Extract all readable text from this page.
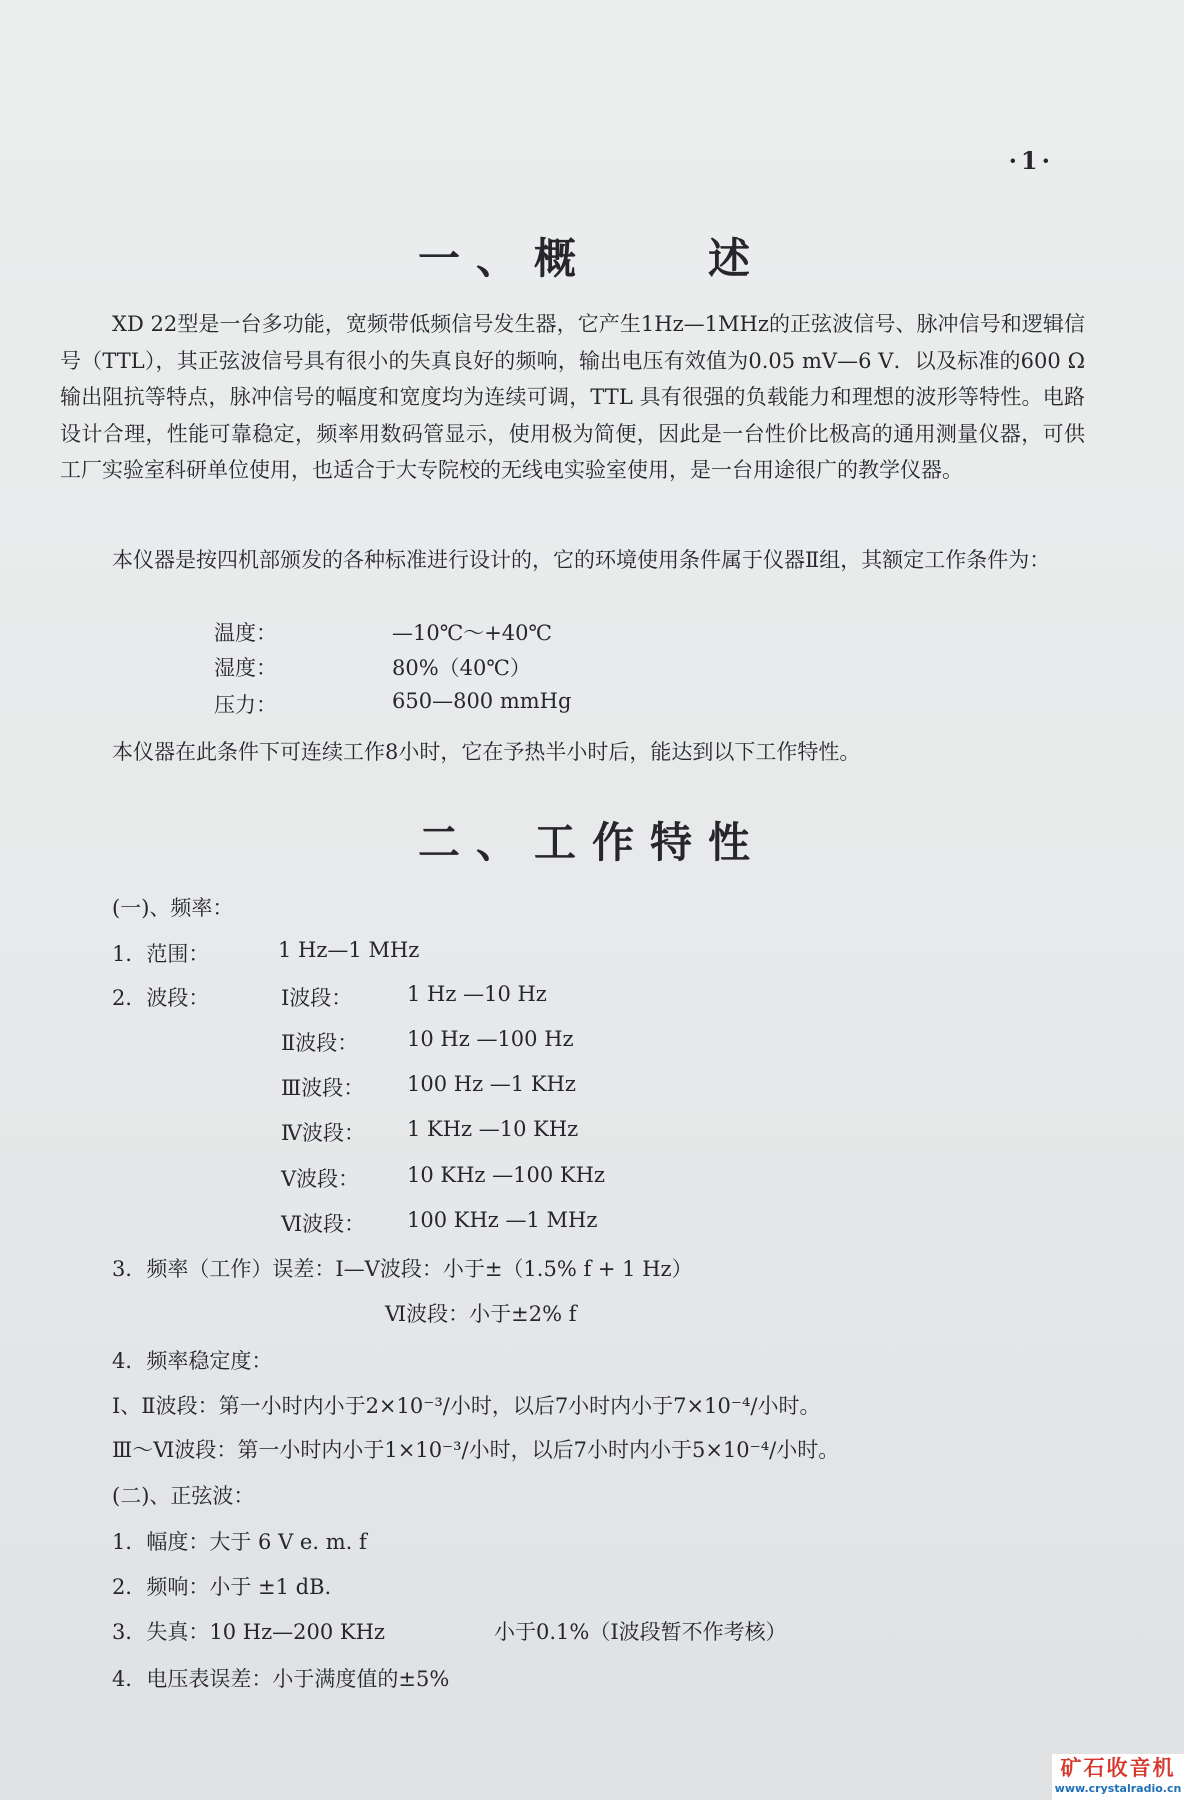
·1·
一、概　　述

XD 22型是一台多功能，宽频带低频信号发生器，它产生1Hz—1MHz的正弦波信号、脉冲信号和逻辑信号（TTL），其正弦波信号具有很小的失真良好的频响，输出电压有效值为0.05 mV—6 V．以及标准的600 Ω 输出阻抗等特点，脉冲信号的幅度和宽度均为连续可调，TTL 具有很强的负载能力和理想的波形等特性。电路设计合理，性能可靠稳定，频率用数码管显示，使用极为简便，因此是一台性价比极高的通用测量仪器，可供工厂实验室科研单位使用，也适合于大专院校的无线电实验室使用，是一台用途很广的教学仪器。

本仪器是按四机部颁发的各种标准进行设计的，它的环境使用条件属于仪器Ⅱ组，其额定工作条件为：

温度：	—10℃～+40℃
湿度：	80%（40℃）
压力：	650—800 mmHg
本仪器在此条件下可连续工作8小时，它在予热半小时后，能达到以下工作特性。
二、工作特性
(一)、频率：
1．范围：	1 Hz—1 MHz
2．波段：	Ⅰ波段：	1 Hz —10 Hz
Ⅱ波段： 10 Hz —100 Hz
Ⅲ波段： 100 Hz —1 KHz
Ⅳ波段： 1 KHz —10 KHz
Ⅴ波段： 10 KHz —100 KHz
Ⅵ波段： 100 KHz —1 MHz
3．频率（工作）误差：Ⅰ—Ⅴ波段：小于±（1.5% f + 1 Hz）
Ⅵ波段：小于±2% f
4．频率稳定度：
Ⅰ、Ⅱ波段：第一小时内小于2×10⁻³/小时，以后7小时内小于7×10⁻⁴/小时。
Ⅲ～Ⅵ波段：第一小时内小于1×10⁻³/小时，以后7小时内小于5×10⁻⁴/小时。
(二)、正弦波：
1．幅度：大于 6 V e. m. f
2．频响：小于 ±1 dB.
3．失真：10 Hz—200 KHz	小于0.1%（Ⅰ波段暂不作考核）
4．电压表误差：小于满度值的±5%
矿石收音机
www.crystalradio.cn
